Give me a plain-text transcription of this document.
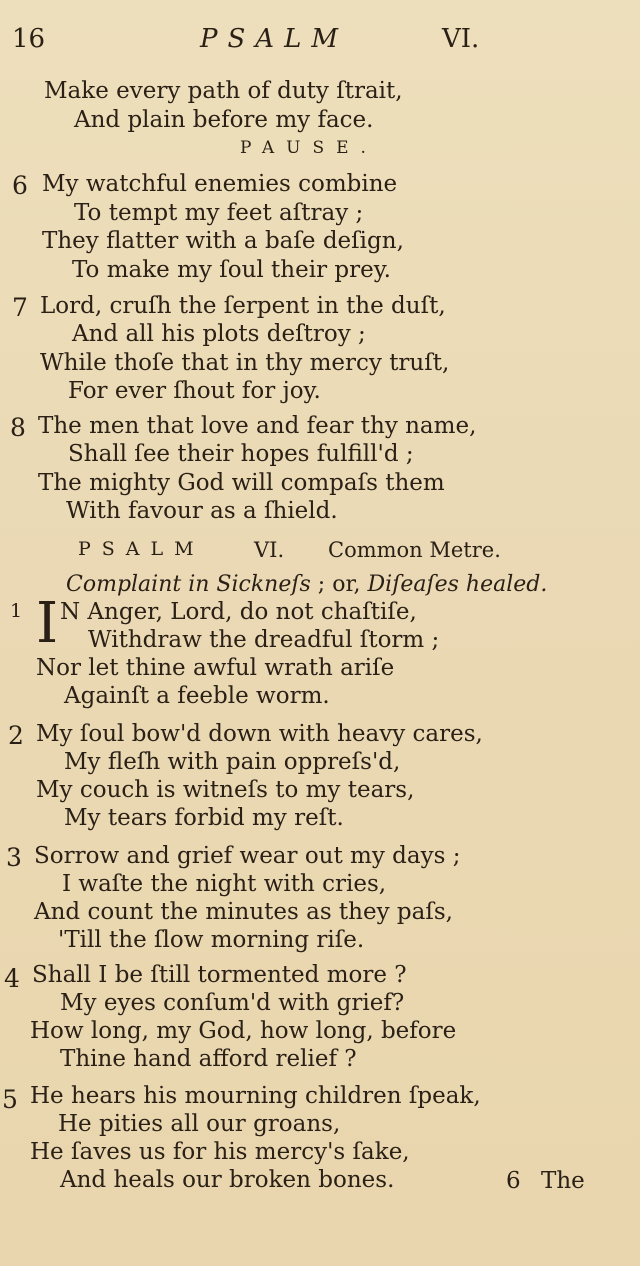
16	PSALM	VI.
Make every path of duty ſtrait,
And plain before my face.
PAUSE.
6 My watchful enemies combine
To tempt my feet aſtray ;
They flatter with a baſe deſign,
To make my ſoul their prey.
7 Lord, cruſh the ſerpent in the duſt,
And all his plots deſtroy ;
While thoſe that in thy mercy truſt,
For ever ſhout for joy.
8 The men that love and fear thy name,
Shall ſee their hopes fulfill'd ;
The mighty God will compaſs them
With favour as a ſhield.
PSALM VI. Common Metre.
Complaint in Sickneſs ; or, Diſeaſes healed.
1 I N Anger, Lord, do not chaſtiſe,
Withdraw the dreadful ſtorm ;
Nor let thine awful wrath ariſe
Againſt a feeble worm.
2 My ſoul bow'd down with heavy cares,
My fleſh with pain oppreſs'd,
My couch is witneſs to my tears,
My tears forbid my reſt.
3 Sorrow and grief wear out my days ;
I waſte the night with cries,
And count the minutes as they paſs,
'Till the ſlow morning riſe.
4 Shall I be ſtill tormented more ?
My eyes conſum'd with grief?
How long, my God, how long, before
Thine hand afford relief ?
5 He hears his mourning children ſpeak,
He pities all our groans,
He ſaves us for his mercy's ſake,
And heals our broken bones.	6 The
